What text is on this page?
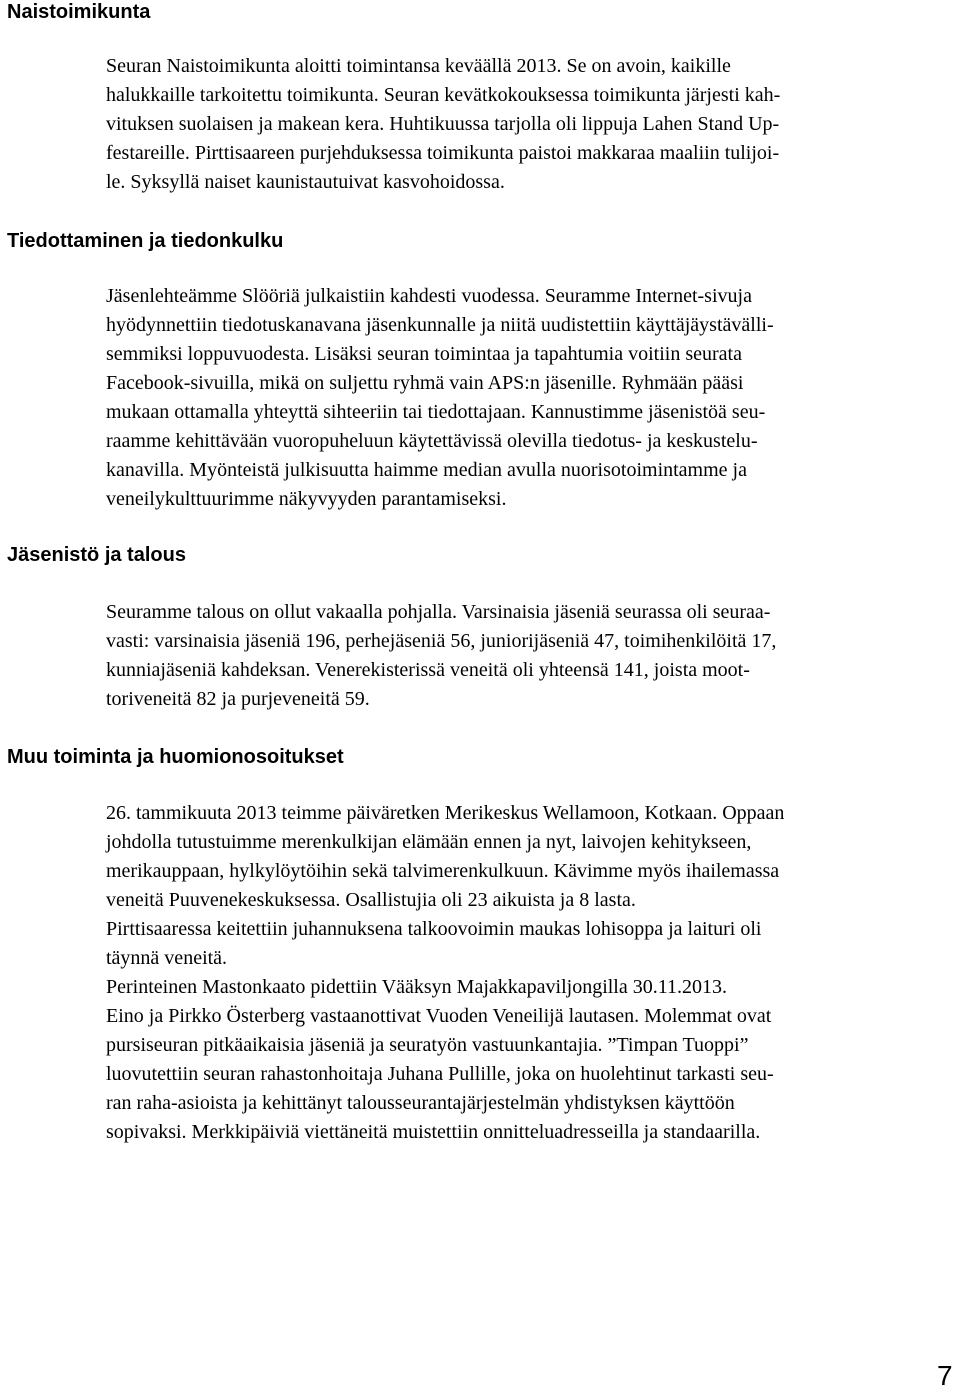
Naistoimikunta
Seuran Naistoimikunta aloitti toimintansa keväällä 2013. Se on avoin, kaikille
halukkaille tarkoitettu toimikunta. Seuran kevätkokouksessa toimikunta järjesti kah-
vituksen suolaisen ja makean kera. Huhtikuussa tarjolla oli lippuja Lahen Stand Up-
festareille. Pirttisaareen purjehduksessa toimikunta paistoi makkaraa maaliin tulijoi-
le. Syksyllä naiset kaunistautuivat kasvohoidossa.
Tiedottaminen ja tiedonkulku
Jäsenlehteämme Slööriä julkaistiin kahdesti vuodessa. Seuramme Internet-sivuja
hyödynnettiin tiedotuskanavana jäsenkunnalle ja niitä uudistettiin käyttäjäystävälli-
semmiksi loppuvuodesta. Lisäksi seuran toimintaa ja tapahtumia voitiin seurata
Facebook-sivuilla, mikä on suljettu ryhmä vain APS:n jäsenille. Ryhmään pääsi
mukaan ottamalla yhteyttä sihteeriin tai tiedottajaan. Kannustimme jäsenistöä seu-
raamme kehittävään vuoropuheluun käytettävissä olevilla tiedotus- ja keskustelu-
kanavilla. Myönteistä julkisuutta haimme median avulla nuorisotoimintamme ja
veneilykulttuurimme näkyvyyden parantamiseksi.
Jäsenistö ja talous
Seuramme talous on ollut vakaalla pohjalla. Varsinaisia jäseniä seurassa oli seuraa-
vasti: varsinaisia jäseniä 196, perhejäseniä 56, juniorijäseniä 47, toimihenkilöitä 17,
kunniajäseniä kahdeksan. Venerekisterissä veneitä oli yhteensä 141, joista moot-
toriveneitä 82 ja purjeveneitä 59.
Muu toiminta ja huomionosoitukset
26. tammikuuta 2013 teimme päiväretken Merikeskus Wellamoon, Kotkaan. Oppaan
johdolla tutustuimme merenkulkijan elämään ennen ja nyt, laivojen kehitykseen,
merikauppaan, hylkylöytöihin sekä talvimerenkulkuun. Kävimme myös ihailemassa
veneitä Puuvenekeskuksessa. Osallistujia oli 23 aikuista ja 8 lasta.
Pirttisaaressa keitettiin juhannuksena talkoovoimin maukas lohisoppa ja laituri oli
täynnä veneitä.
Perinteinen Mastonkaato pidettiin Vääksyn Majakkapaviljongilla 30.11.2013.
Eino ja Pirkko Österberg vastaanottivat Vuoden Veneilijä lautasen. Molemmat ovat
pursiseuran pitkäaikaisia jäseniä ja seuratyön vastuunkantajia. ”Timpan Tuoppi”
luovutettiin seuran rahastonhoitaja Juhana Pullille, joka on huolehtinut tarkasti seu-
ran raha-asioista ja kehittänyt talousseurantajärjestelmän yhdistyksen käyttöön
sopivaksi. Merkkipäiviä viettäneitä muistettiin onnitteluadresseilla ja standaarilla.
7
